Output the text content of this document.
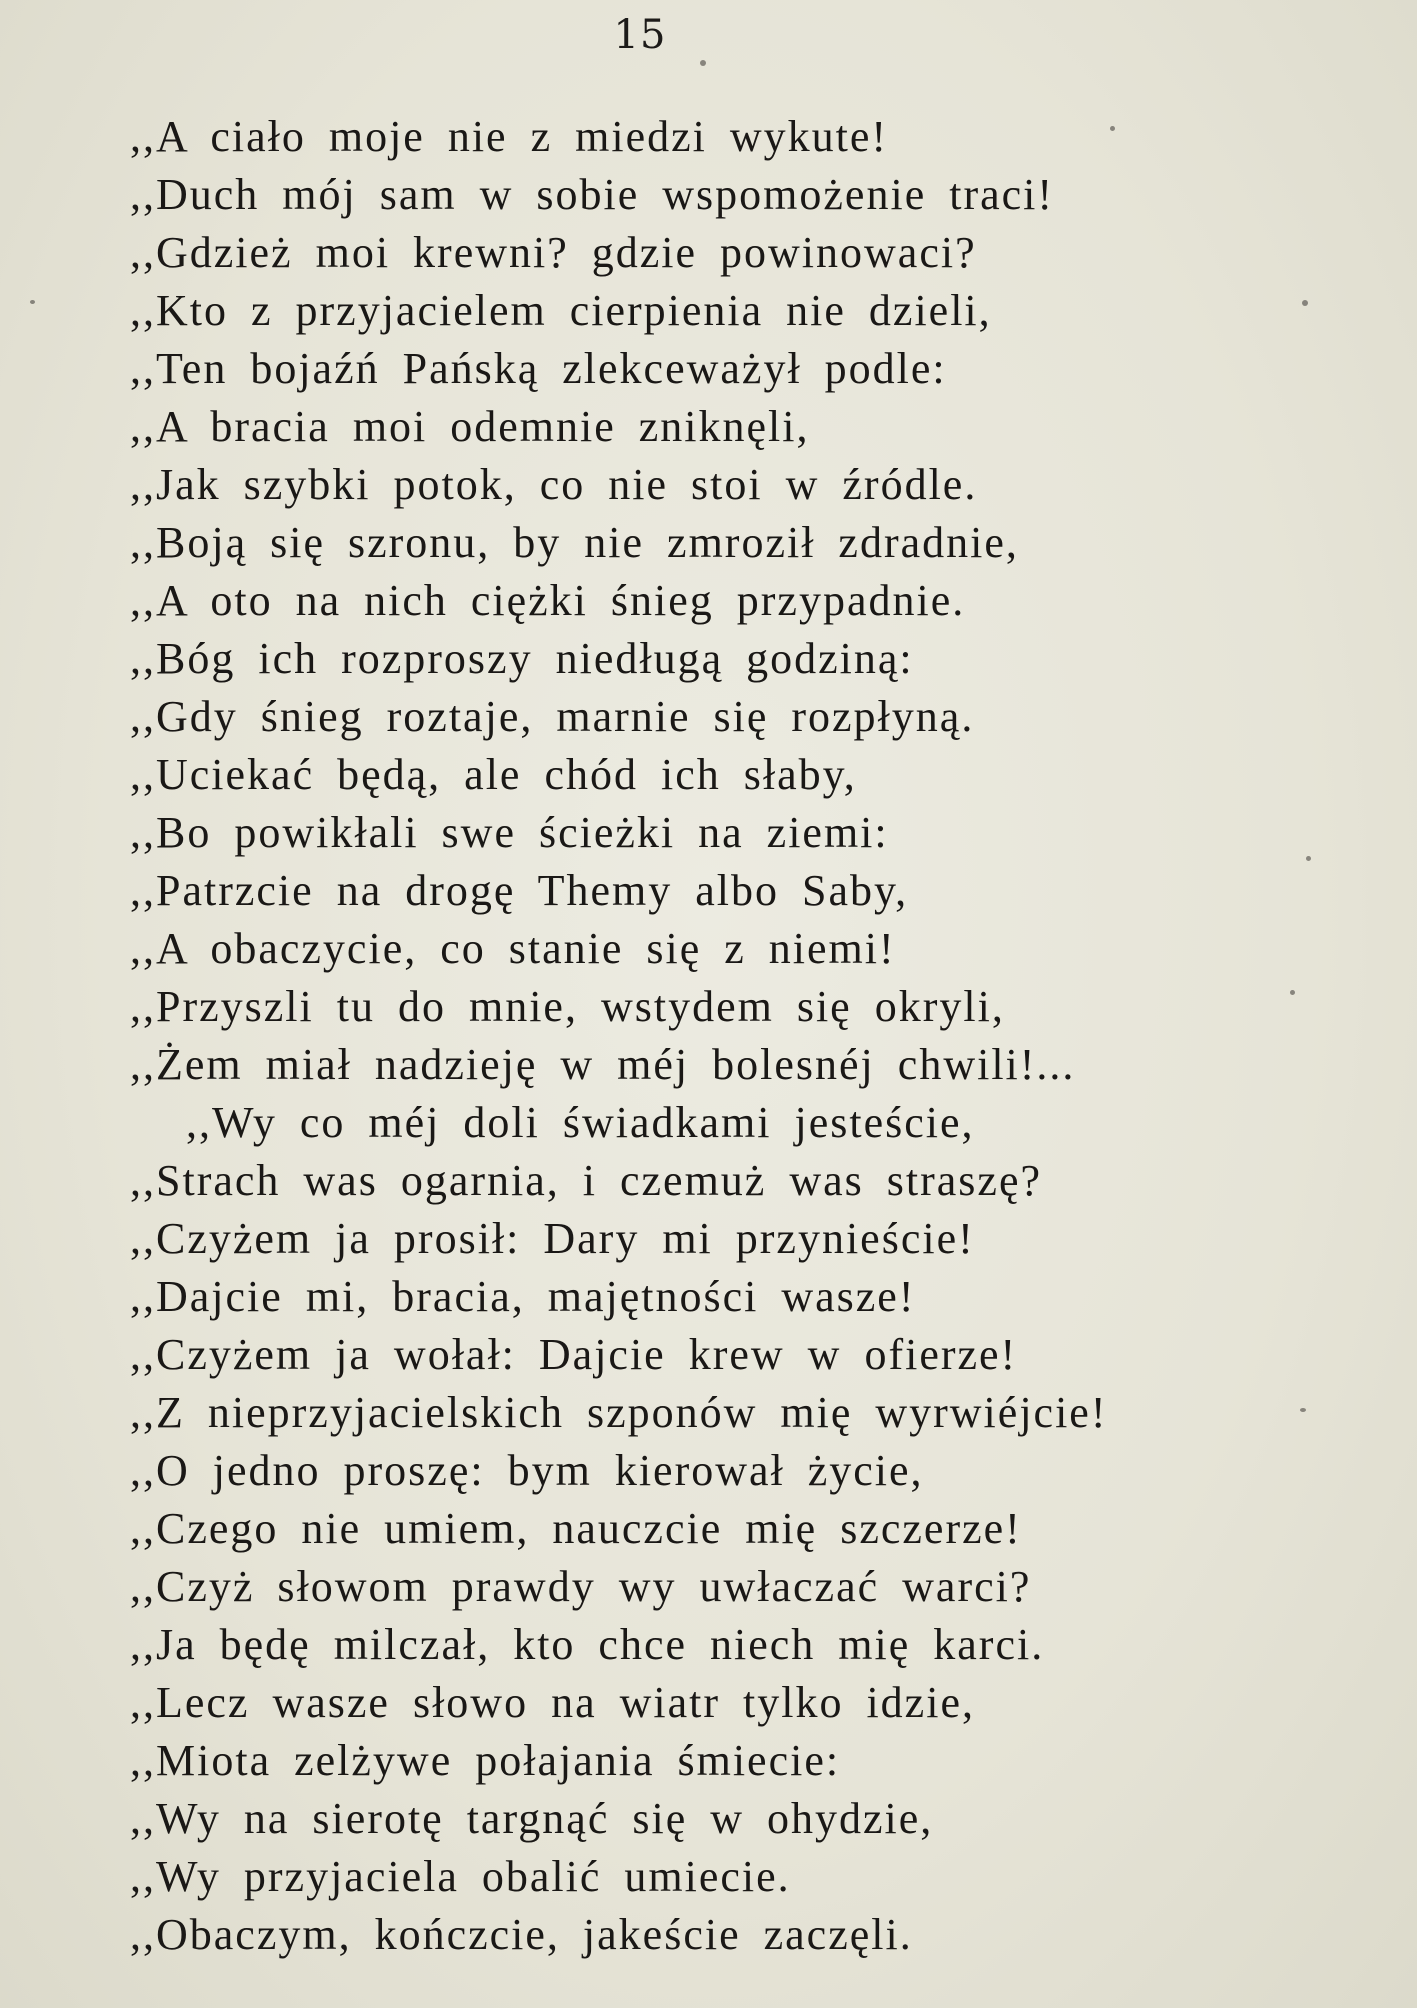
15
,,A ciało moje nie z miedzi wykute!
,,Duch mój sam w sobie wspomożenie traci!
,,Gdzież moi krewni? gdzie powinowaci?
,,Kto z przyjacielem cierpienia nie dzieli,
,,Ten bojaźń Pańską zlekceważył podle:
,,A bracia moi odemnie zniknęli,
,,Jak szybki potok, co nie stoi w źródle.
,,Boją się szronu, by nie zmroził zdradnie,
,,A oto na nich ciężki śnieg przypadnie.
,,Bóg ich rozproszy niedługą godziną:
,,Gdy śnieg roztaje, marnie się rozpłyną.
,,Uciekać będą, ale chód ich słaby,
,,Bo powikłali swe ścieżki na ziemi:
,,Patrzcie na drogę Themy albo Saby,
,,A obaczycie, co stanie się z niemi!
,,Przyszli tu do mnie, wstydem się okryli,
,,Żem miał nadzieję w méj bolesnéj chwili!...
,,Wy co méj doli świadkami jesteście,
,,Strach was ogarnia, i czemuż was straszę?
,,Czyżem ja prosił: Dary mi przynieście!
,,Dajcie mi, bracia, majętności wasze!
,,Czyżem ja wołał: Dajcie krew w ofierze!
,,Z nieprzyjacielskich szponów mię wyrwiéjcie!
,,O jedno proszę: bym kierował życie,
,,Czego nie umiem, nauczcie mię szczerze!
,,Czyż słowom prawdy wy uwłaczać warci?
,,Ja będę milczał, kto chce niech mię karci.
,,Lecz wasze słowo na wiatr tylko idzie,
,,Miota zelżywe połajania śmiecie:
,,Wy na sierotę targnąć się w ohydzie,
,,Wy przyjaciela obalić umiecie.
,,Obaczym, kończcie, jakeście zaczęli.
